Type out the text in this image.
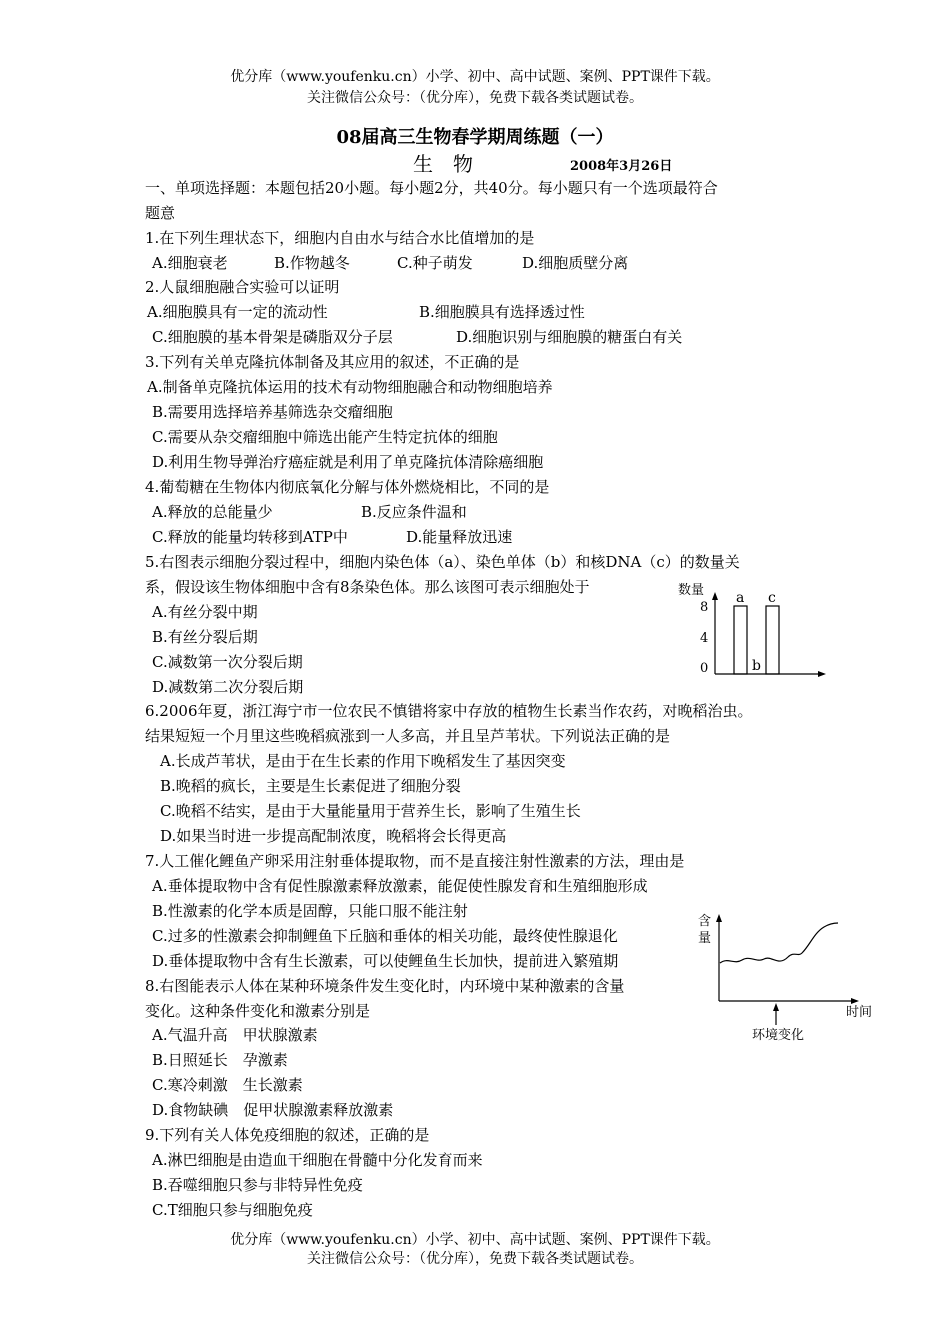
优分库（www.youfenku.cn）小学、初中、高中试题、案例、PPT课件下载。
关注微信公众号：（优分库），免费下载各类试题试卷。
08届高三生物春学期周练题（一）
生　物	2008年3月26日
一、单项选择题：本题包括20小题。每小题2分，共40分。每小题只有一个选项最符合
题意
1.在下列生理状态下，细胞内自由水与结合水比值增加的是
A.细胞衰老	B.作物越冬	C.种子萌发	D.细胞质壁分离
2.人鼠细胞融合实验可以证明
A.细胞膜具有一定的流动性	B.细胞膜具有选择透过性
C.细胞膜的基本骨架是磷脂双分子层	D.细胞识别与细胞膜的糖蛋白有关
3.下列有关单克隆抗体制备及其应用的叙述，不正确的是
A.制备单克隆抗体运用的技术有动物细胞融合和动物细胞培养
B.需要用选择培养基筛选杂交瘤细胞
C.需要从杂交瘤细胞中筛选出能产生特定抗体的细胞
D.利用生物导弹治疗癌症就是利用了单克隆抗体清除癌细胞
4.葡萄糖在生物体内彻底氧化分解与体外燃烧相比，不同的是
A.释放的总能量少	B.反应条件温和
C.释放的能量均转移到ATP中	D.能量释放迅速
5.右图表示细胞分裂过程中，细胞内染色体（a）、染色单体（b）和核DNA（c）的数量关
系，假设该生物体细胞中含有8条染色体。那么该图可表示细胞处于
A.有丝分裂中期
B.有丝分裂后期
C.减数第一次分裂后期
D.减数第二次分裂后期
数量
8
4
0
a
b
c
6.2006年夏，浙江海宁市一位农民不慎错将家中存放的植物生长素当作农药，对晚稻治虫。
结果短短一个月里这些晚稻疯涨到一人多高，并且呈芦苇状。下列说法正确的是
A.长成芦苇状，是由于在生长素的作用下晚稻发生了基因突变
B.晚稻的疯长，主要是生长素促进了细胞分裂
C.晚稻不结实，是由于大量能量用于营养生长，影响了生殖生长
D.如果当时进一步提高配制浓度，晚稻将会长得更高
7.人工催化鲤鱼产卵采用注射垂体提取物，而不是直接注射性激素的方法，理由是
A.垂体提取物中含有促性腺激素释放激素，能促使性腺发育和生殖细胞形成
B.性激素的化学本质是固醇，只能口服不能注射
C.过多的性激素会抑制鲤鱼下丘脑和垂体的相关功能，最终使性腺退化
D.垂体提取物中含有生长激素，可以使鲤鱼生长加快，提前进入繁殖期
8.右图能表示人体在某种环境条件发生变化时，内环境中某种激素的含量
变化。这种条件变化和激素分别是
A.气温升高　甲状腺激素
B.日照延长　孕激素
C.寒冷刺激　生长激素
D.食物缺碘　促甲状腺激素释放激素
含
量
时间
环境变化
9.下列有关人体免疫细胞的叙述，正确的是
A.淋巴细胞是由造血干细胞在骨髓中分化发育而来
B.吞噬细胞只参与非特异性免疫
C.T细胞只参与细胞免疫
优分库（www.youfenku.cn）小学、初中、高中试题、案例、PPT课件下载。
关注微信公众号：（优分库），免费下载各类试题试卷。
